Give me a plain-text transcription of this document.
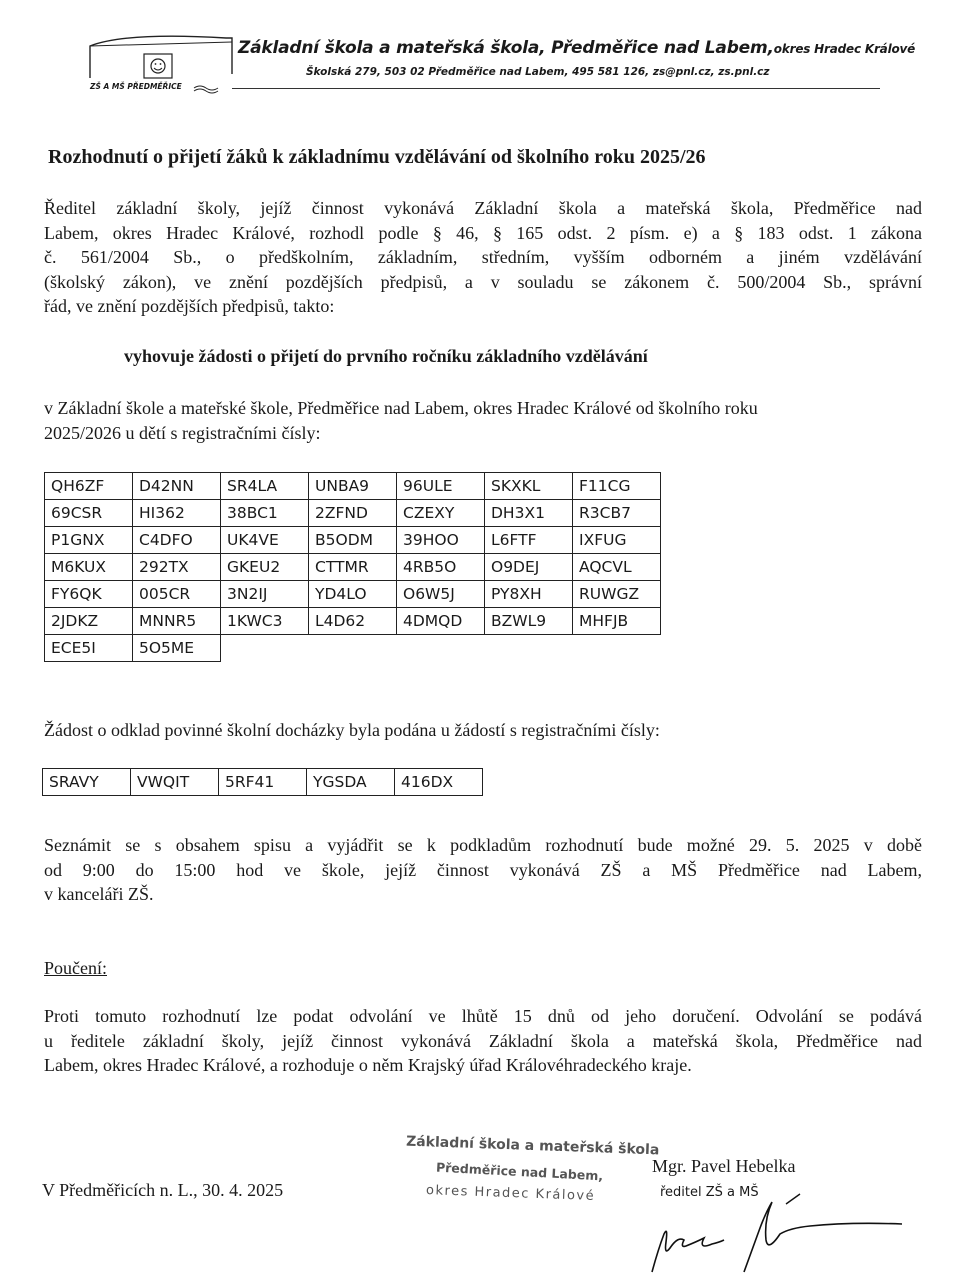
ZŠ A MŠ PŘEDMĚŘICE
Základní škola a mateřská škola, Předměřice nad Labem,okres Hradec Králové
Školská 279, 503 02 Předměřice nad Labem, 495 581 126, zs@pnl.cz, zs.pnl.cz
Rozhodnutí o přijetí žáků k základnímu vzdělávání od školního roku 2025/26
Ředitel základní školy, jejíž činnost vykonává Základní škola a mateřská škola, Předměřice nad
Labem, okres Hradec Králové, rozhodl podle § 46, § 165 odst. 2 písm. e) a § 183 odst. 1 zákona
č. 561/2004 Sb., o předškolním, základním, středním, vyšším odborném a jiném vzdělávání
(školský zákon), ve znění pozdějších předpisů, a v souladu se zákonem č. 500/2004 Sb., správní
řád, ve znění pozdějších předpisů, takto:
vyhovuje žádosti o přijetí do prvního ročníku základního vzdělávání
v Základní škole a mateřské škole, Předměřice nad Labem, okres Hradec Králové od školního roku
2025/2026 u dětí s registračními čísly:
QH6ZF	D42NN	SR4LA	UNBA9	96ULE	SKXKL	F11CG
69CSR	HI362	38BC1	2ZFND	CZEXY	DH3X1	R3CB7
P1GNX	C4DFO	UK4VE	B5ODM	39HOO	L6FTF	IXFUG
M6KUX	292TX	GKEU2	CTTMR	4RB5O	O9DEJ	AQCVL
FY6QK	005CR	3N2IJ	YD4LO	O6W5J	PY8XH	RUWGZ
2JDKZ	MNNR5	1KWC3	L4D62	4DMQD	BZWL9	MHFJB
ECE5I	5O5ME					
Žádost o odklad povinné školní docházky byla podána u žádostí s registračními čísly:
SRAVY	VWQIT	5RF41	YGSDA	416DX
Seznámit se s obsahem spisu a vyjádřit se k podkladům rozhodnutí bude možné 29. 5. 2025 v době
od 9:00 do 15:00 hod ve škole, jejíž činnost vykonává ZŠ a MŠ Předměřice nad Labem,
v kanceláři ZŠ.
Poučení:
Proti tomuto rozhodnutí lze podat odvolání ve lhůtě 15 dnů od jeho doručení. Odvolání se podává
u ředitele základní školy, jejíž činnost vykonává Základní škola a mateřská škola, Předměřice nad
Labem, okres Hradec Králové, a rozhoduje o něm Krajský úřad Královéhradeckého kraje.
V Předměřicích n. L., 30. 4. 2025
Základní škola a mateřská škola
Předměřice nad Labem,
okres Hradec Králové
Mgr. Pavel Hebelka
ředitel ZŠ a MŠ
